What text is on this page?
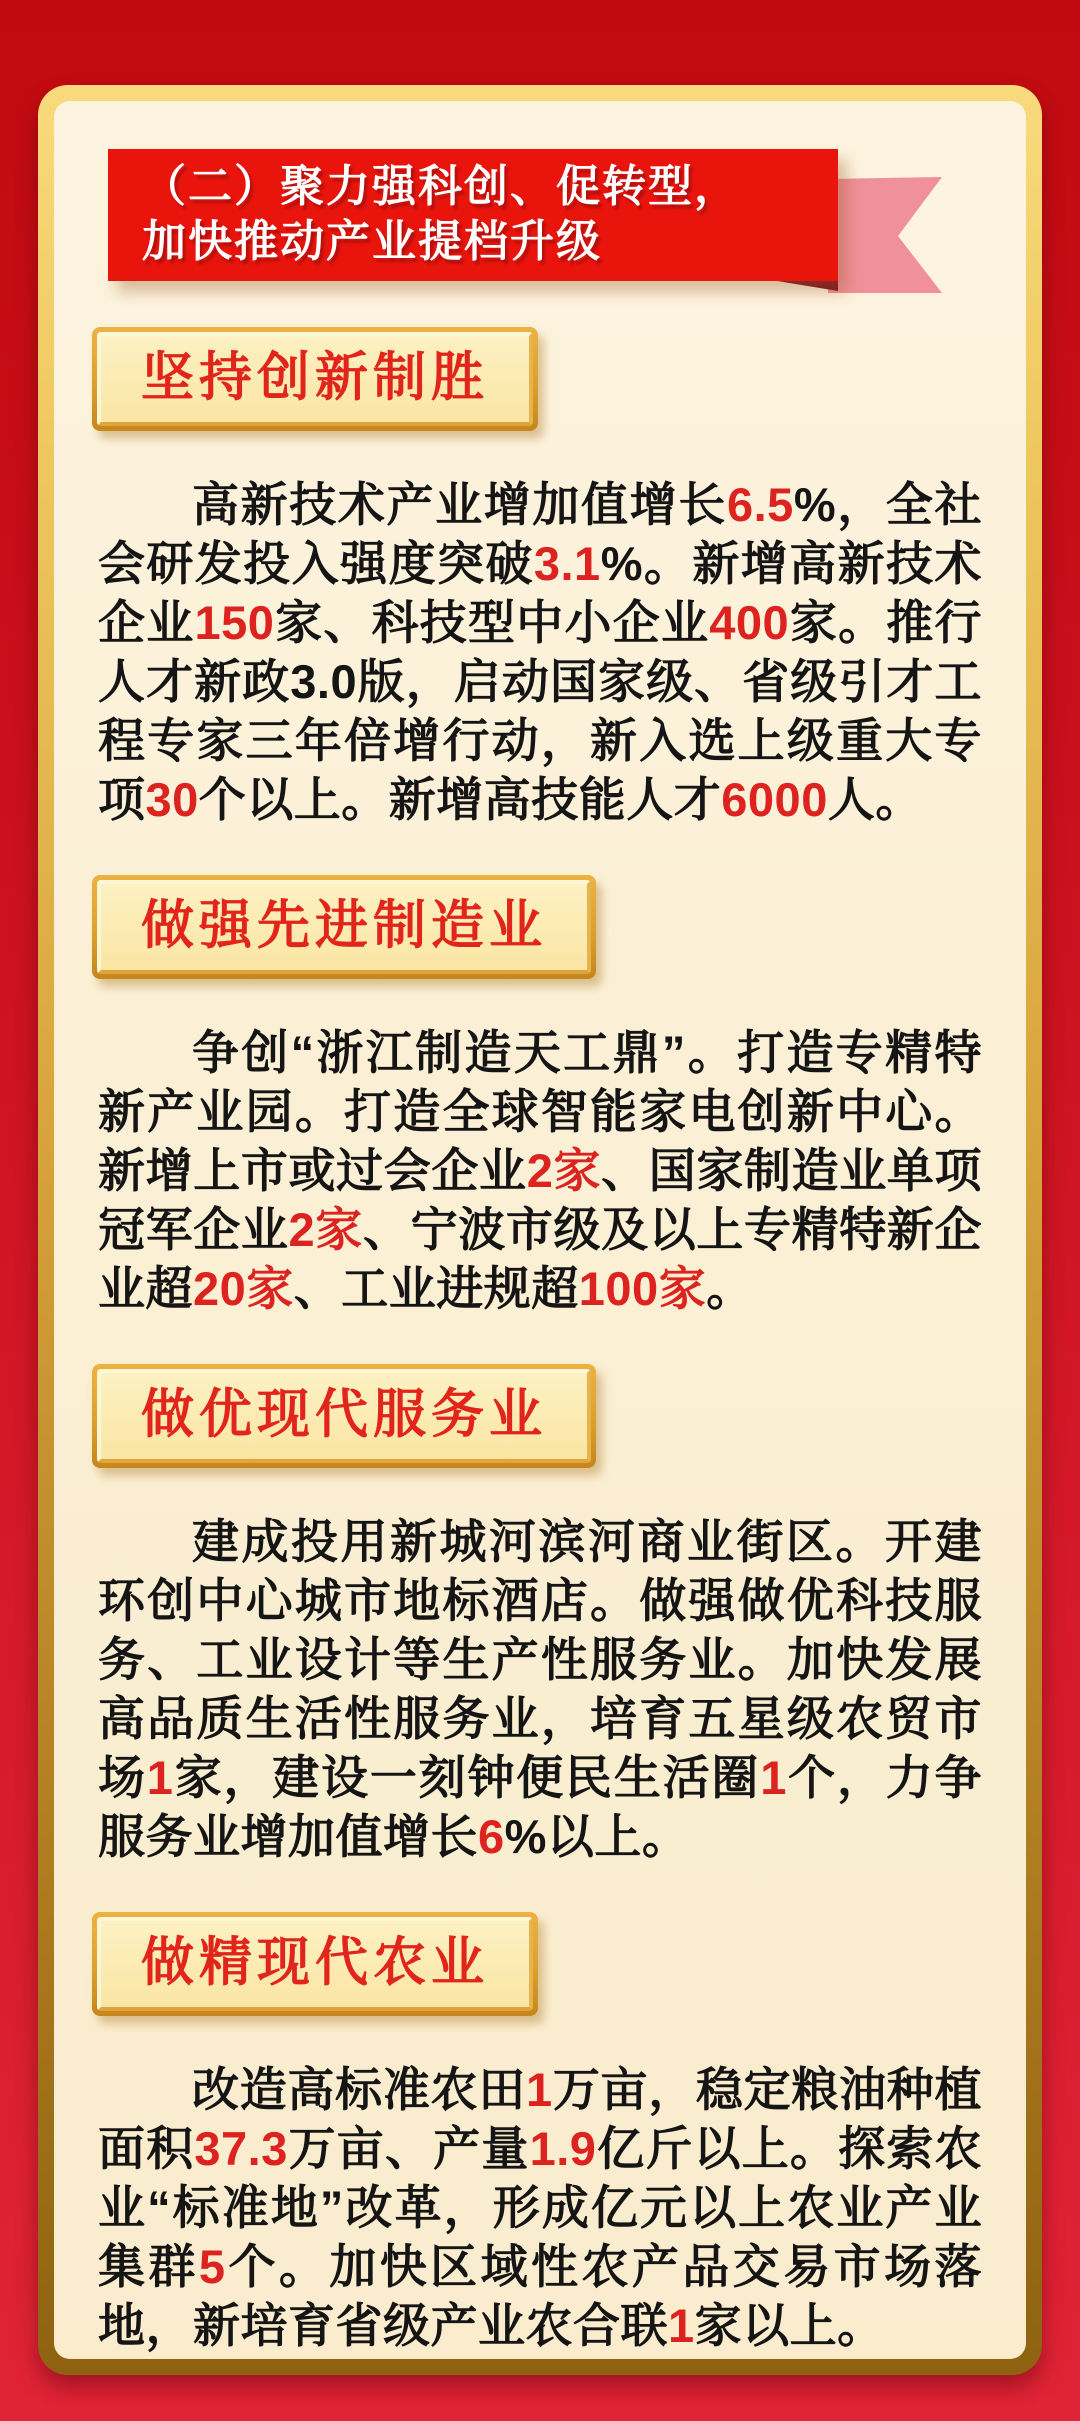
（二）聚力强科创、促转型，
加快推动产业提档升级
坚持创新制胜

高新技术产业增加值增长6.5%，全社会研发投入强度突破3.1%。新增高新技术企业150家、科技型中小企业400家。推行人才新政3.0版，启动国家级、省级引才工程专家三年倍增行动，新入选上级重大专项30个以上。新增高技能人才6000人。

做强先进制造业

争创“浙江制造天工鼎”。打造专精特新产业园。打造全球智能家电创新中心。新增上市或过会企业2家、国家制造业单项冠军企业2家、宁波市级及以上专精特新企业超20家、工业进规超100家。

做优现代服务业

建成投用新城河滨河商业街区。开建环创中心城市地标酒店。做强做优科技服务、工业设计等生产性服务业。加快发展高品质生活性服务业，培育五星级农贸市场1家，建设一刻钟便民生活圈1个，力争服务业增加值增长6%以上。

做精现代农业

改造高标准农田1万亩，稳定粮油种植面积37.3万亩、产量1.9亿斤以上。探索农业“标准地”改革，形成亿元以上农业产业集群5个。加快区域性农产品交易市场落地，新培育省级产业农合联1家以上。
